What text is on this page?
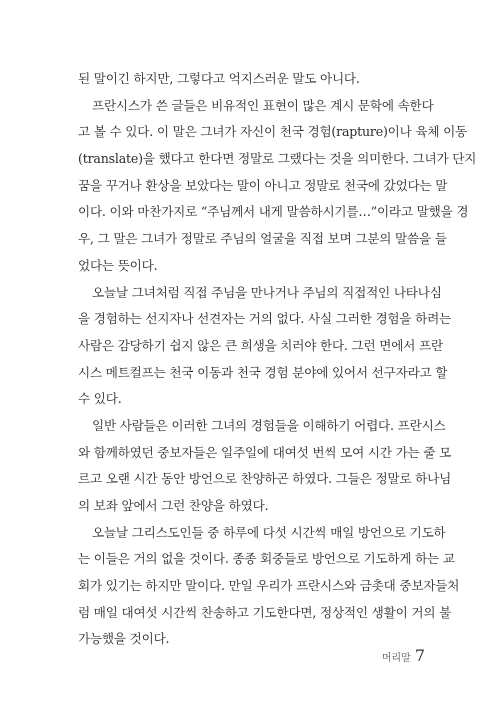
된 말이긴 하지만, 그렇다고 억지스러운 말도 아니다.
프란시스가 쓴 글들은 비유적인 표현이 많은 계시 문학에 속한다
고 볼 수 있다. 이 말은 그녀가 자신이 천국 경험(rapture)이나 육체 이동
(translate)을 했다고 한다면 정말로 그랬다는 것을 의미한다. 그녀가 단지
꿈을 꾸거나 환상을 보았다는 말이 아니고 정말로 천국에 갔었다는 말
이다. 이와 마찬가지로 “주님께서 내게 말씀하시기를…”이라고 말했을 경
우, 그 말은 그녀가 정말로 주님의 얼굴을 직접 보며 그분의 말씀을 들
었다는 뜻이다.
오늘날 그녀처럼 직접 주님을 만나거나 주님의 직접적인 나타나심
을 경험하는 선지자나 선견자는 거의 없다. 사실 그러한 경험을 하려는
사람은 감당하기 쉽지 않은 큰 희생을 치러야 한다. 그런 면에서 프란
시스 메트컬프는 천국 이동과 천국 경험 분야에 있어서 선구자라고 할
수 있다.
일반 사람들은 이러한 그녀의 경험들을 이해하기 어렵다. 프란시스
와 함께하였던 중보자들은 일주일에 대여섯 번씩 모여 시간 가는 줄 모
르고 오랜 시간 동안 방언으로 찬양하곤 하였다. 그들은 정말로 하나님
의 보좌 앞에서 그런 찬양을 하였다.
오늘날 그리스도인들 중 하루에 다섯 시간씩 매일 방언으로 기도하
는 이들은 거의 없을 것이다. 종종 회중들로 방언으로 기도하게 하는 교
회가 있기는 하지만 말이다. 만일 우리가 프란시스와 금촛대 중보자들처
럼 매일 대여섯 시간씩 찬송하고 기도한다면, 정상적인 생활이 거의 불
가능했을 것이다.
머리말 7
